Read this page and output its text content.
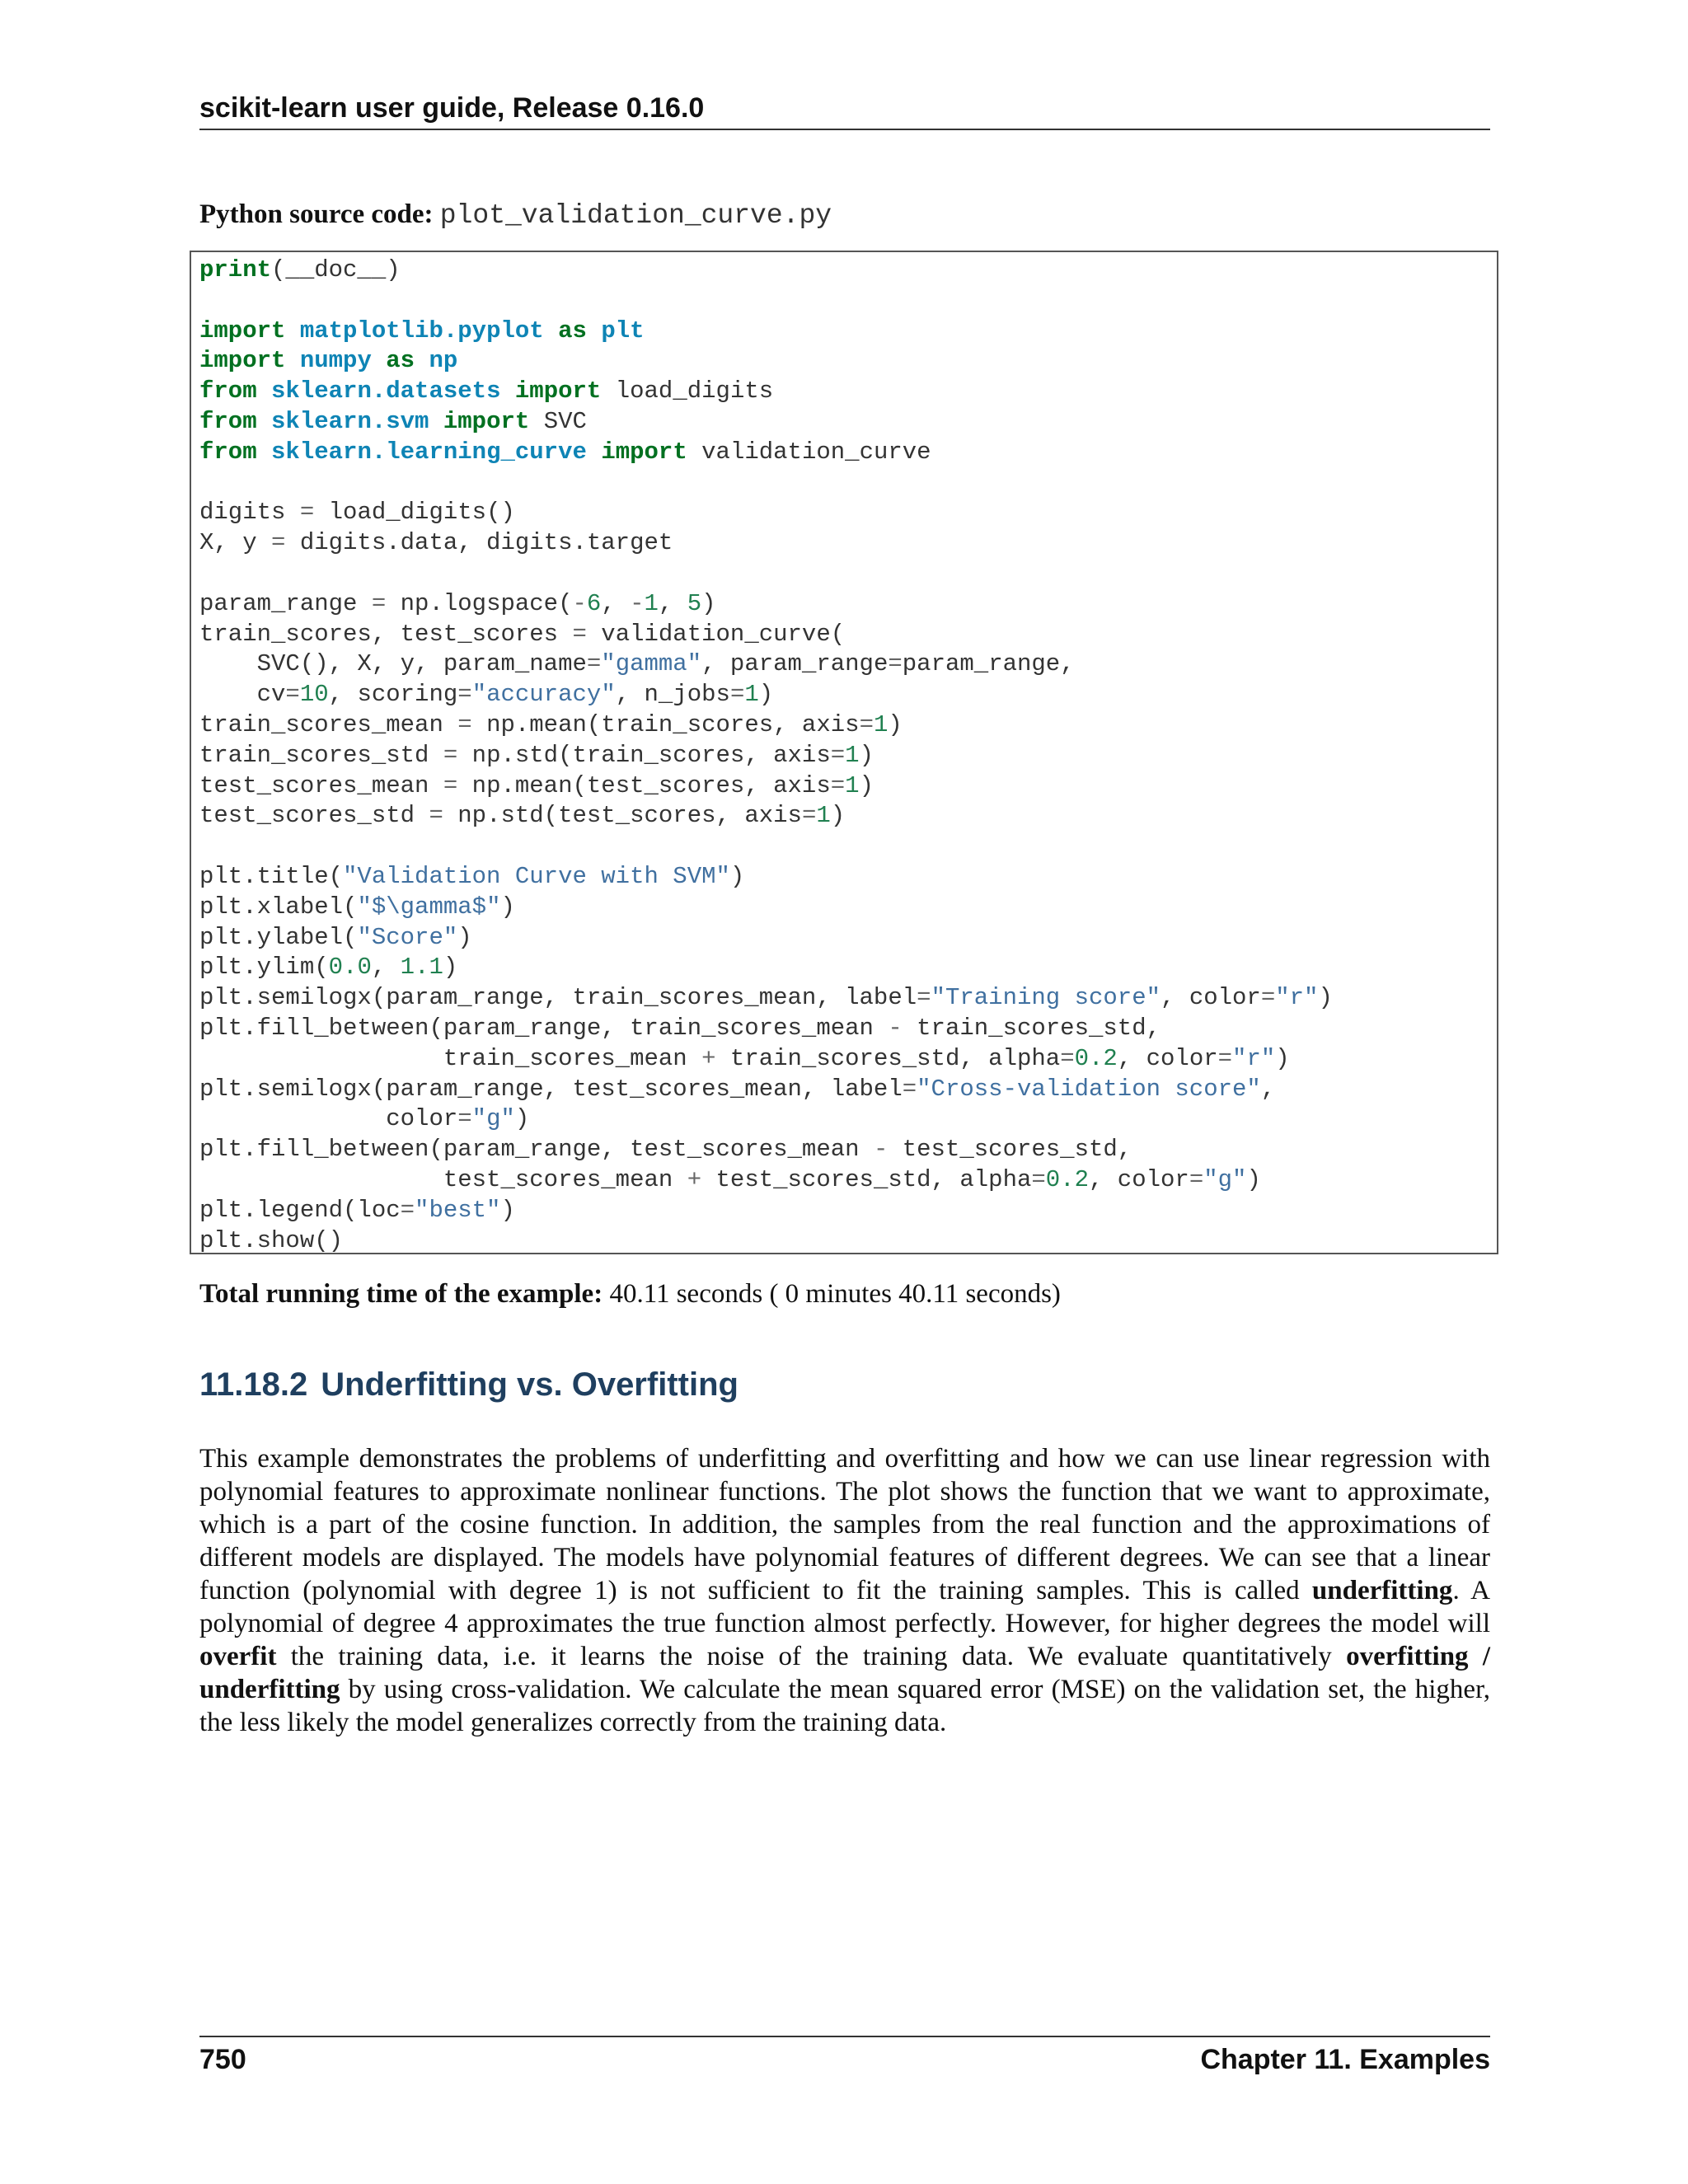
scikit-learn user guide, Release 0.16.0
Python source code: plot_validation_curve.py
print(__doc__)

import matplotlib.pyplot as plt
import numpy as np
from sklearn.datasets import load_digits
from sklearn.svm import SVC
from sklearn.learning_curve import validation_curve

digits = load_digits()
X, y = digits.data, digits.target

param_range = np.logspace(-6, -1, 5)
train_scores, test_scores = validation_curve(
SVC(), X, y, param_name="gamma", param_range=param_range,
cv=10, scoring="accuracy", n_jobs=1)
train_scores_mean = np.mean(train_scores, axis=1)
train_scores_std = np.std(train_scores, axis=1)
test_scores_mean = np.mean(test_scores, axis=1)
test_scores_std = np.std(test_scores, axis=1)

plt.title("Validation Curve with SVM")
plt.xlabel("$\gamma$")
plt.ylabel("Score")
plt.ylim(0.0, 1.1)
plt.semilogx(param_range, train_scores_mean, label="Training score", color="r")
plt.fill_between(param_range, train_scores_mean - train_scores_std,
train_scores_mean + train_scores_std, alpha=0.2, color="r")
plt.semilogx(param_range, test_scores_mean, label="Cross-validation score",
color="g")
plt.fill_between(param_range, test_scores_mean - test_scores_std,
test_scores_mean + test_scores_std, alpha=0.2, color="g")
plt.legend(loc="best")
plt.show()
Total running time of the example: 40.11 seconds ( 0 minutes 40.11 seconds)
11.18.2 Underfitting vs. Overfitting

This example demonstrates the problems of underfitting and overfitting and how we can use linear regression with polynomial features to approximate nonlinear functions. The plot shows the function that we want to approximate, which is a part of the cosine function. In addition, the samples from the real function and the approximations of different models are displayed. The models have polynomial features of different degrees. We can see that a linear function (polynomial with degree 1) is not sufficient to fit the training samples. This is called underfitting. A polynomial of degree 4 approximates the true function almost perfectly. However, for higher degrees the model will overfit the training data, i.e. it learns the noise of the training data. We evaluate quantitatively overfitting / underfitting by using cross-validation. We calculate the mean squared error (MSE) on the validation set, the higher, the less likely the model generalizes correctly from the training data.

750	Chapter 11. Examples
